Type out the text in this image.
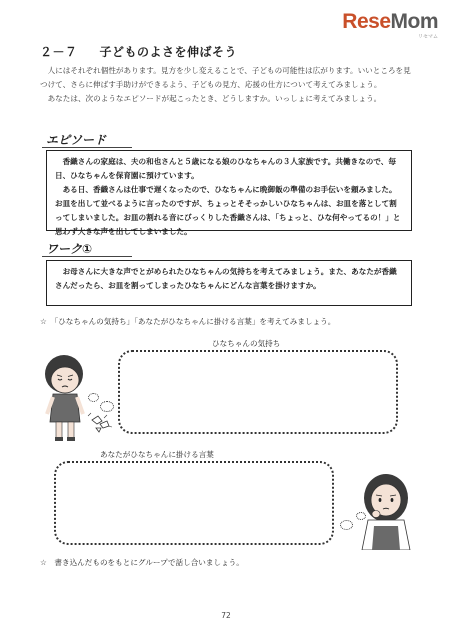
ReseMom
リセマム
２－７ 子どものよさを伸ばそう

人にはそれぞれ個性があります。見方を少し変えることで、子どもの可能性は広がります。いいところを見つけて、さらに伸ばす手助けができるよう、子どもの見方、応援の仕方について考えてみましょう。

あなたは、次のようなエピソードが起こったとき、どうしますか。いっしょに考えてみましょう。

エピソード

香織さんの家庭は、夫の和也さんと５歳になる娘のひなちゃんの３人家族です。共働きなので、毎日、ひなちゃんを保育園に預けています。

ある日、香織さんは仕事で遅くなったので、ひなちゃんに晩御飯の準備のお手伝いを頼みました。お皿を出して並べるように言ったのですが、ちょっとそそっかしいひなちゃんは、お皿を落として割ってしまいました。お皿の割れる音にびっくりした香織さんは、「ちょっと、ひな何やってるの！」と思わず大きな声を出してしまいました。

ワーク①

お母さんに大きな声でとがめられたひなちゃんの気持ちを考えてみましょう。また、あなたが香織さんだったら、お皿を割ってしまったひなちゃんにどんな言葉を掛けますか。

☆　「ひなちゃんの気持ち」「あなたがひなちゃんに掛ける言葉」を考えてみましょう。
ひなちゃんの気持ち
あなたがひなちゃんに掛ける言葉
☆　書き込んだものをもとにグループで話し合いましょう。
72
